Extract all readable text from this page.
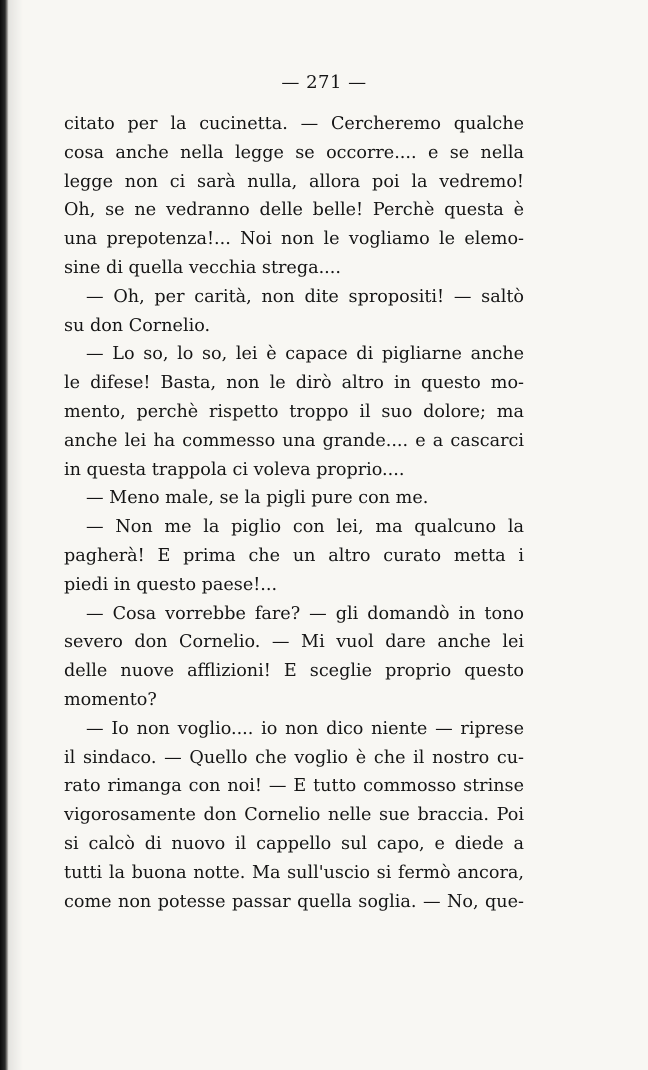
— 271 —
citato per la cucinetta. — Cercheremo qualche
cosa anche nella legge se occorre.... e se nella
legge non ci sarà nulla, allora poi la vedremo!
Oh, se ne vedranno delle belle! Perchè questa è
una prepotenza!... Noi non le vogliamo le elemo-
sine di quella vecchia strega....
— Oh, per carità, non dite spropositi! — saltò
su don Cornelio.
— Lo so, lo so, lei è capace di pigliarne anche
le difese! Basta, non le dirò altro in questo mo-
mento, perchè rispetto troppo il suo dolore; ma
anche lei ha commesso una grande.... e a cascarci
in questa trappola ci voleva proprio....
— Meno male, se la pigli pure con me.
— Non me la piglio con lei, ma qualcuno la
pagherà! E prima che un altro curato metta i
piedi in questo paese!...
— Cosa vorrebbe fare? — gli domandò in tono
severo don Cornelio. — Mi vuol dare anche lei
delle nuove afflizioni! E sceglie proprio questo
momento?
— Io non voglio.... io non dico niente — riprese
il sindaco. — Quello che voglio è che il nostro cu-
rato rimanga con noi! — E tutto commosso strinse
vigorosamente don Cornelio nelle sue braccia. Poi
si calcò di nuovo il cappello sul capo, e diede a
tutti la buona notte. Ma sull'uscio si fermò ancora,
come non potesse passar quella soglia. — No, que-
